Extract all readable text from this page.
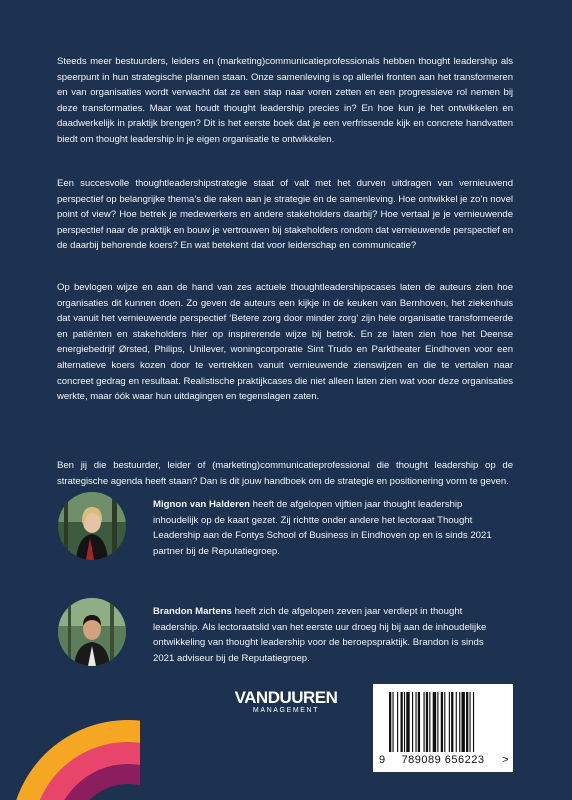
Steeds meer bestuurders, leiders en (marketing)communicatieprofessionals hebben thought leadership als speerpunt in hun strategische plannen staan. Onze samenleving is op allerlei fronten aan het transformeren en van organisaties wordt verwacht dat ze een stap naar voren zetten en een progressieve rol nemen bij deze transformaties. Maar wat houdt thought leadership precies in? En hoe kun je het ontwikkelen en daadwerkelijk in praktijk brengen? Dit is het eerste boek dat je een verfrissende kijk en concrete handvatten biedt om thought leadership in je eigen organisatie te ontwikkelen.
Een succesvolle thoughtleadershipstrategie staat of valt met het durven uitdragen van vernieuwend perspectief op belangrijke thema’s die raken aan je strategie én de samenleving. Hoe ontwikkel je zo’n novel point of view? Hoe betrek je medewerkers en andere stakeholders daarbij? Hoe vertaal je je vernieuwende perspectief naar de praktijk en bouw je vertrouwen bij stakeholders rondom dat vernieuwende perspectief en de daarbij behorende koers? En wat betekent dat voor leiderschap en communicatie?
Op bevlogen wijze en aan de hand van zes actuele thoughtleadershipscases laten de auteurs zien hoe organisaties dit kunnen doen. Zo geven de auteurs een kijkje in de keuken van Bernhoven, het ziekenhuis dat vanuit het vernieuwende perspectief ‘Betere zorg door minder zorg’ zijn hele organisatie transformeerde en patiënten en stakeholders hier op inspirerende wijze bij betrok. En ze laten zien hoe het Deense energiebedrijf Ørsted, Philips, Unilever, woningcorporatie Sint Trudo en Parktheater Eindhoven voor een alternatieve koers kozen door te vertrekken vanuit vernieuwende zienswijzen en die te vertalen naar concreet gedrag en resultaat. Realistische praktijkcases die niet alleen laten zien wat voor deze organisaties werkte, maar óók waar hun uitdagingen en tegenslagen zaten.
Ben jij die bestuurder, leider of (marketing)communicatieprofessional die thought leadership op de strategische agenda heeft staan? Dan is dit jouw handboek om de strategie en positionering vorm te geven.
Mignon van Halderen heeft de afgelopen vijftien jaar thought leadership inhoudelijk op de kaart gezet. Zij richtte onder andere het lectoraat Thought Leadership aan de Fontys School of Business in Eindhoven op en is sinds 2021 partner bij de Reputatiegroep.
Brandon Martens heeft zich de afgelopen zeven jaar verdiept in thought leadership. Als lectoraatslid van het eerste uur droeg hij bij aan de inhoudelijke ontwikkeling van thought leadership voor de beroepspraktijk. Brandon is sinds 2021 adviseur bij de Reputatiegroep.
VANDUUREN
MANAGEMENT
9 789089 656223 >
